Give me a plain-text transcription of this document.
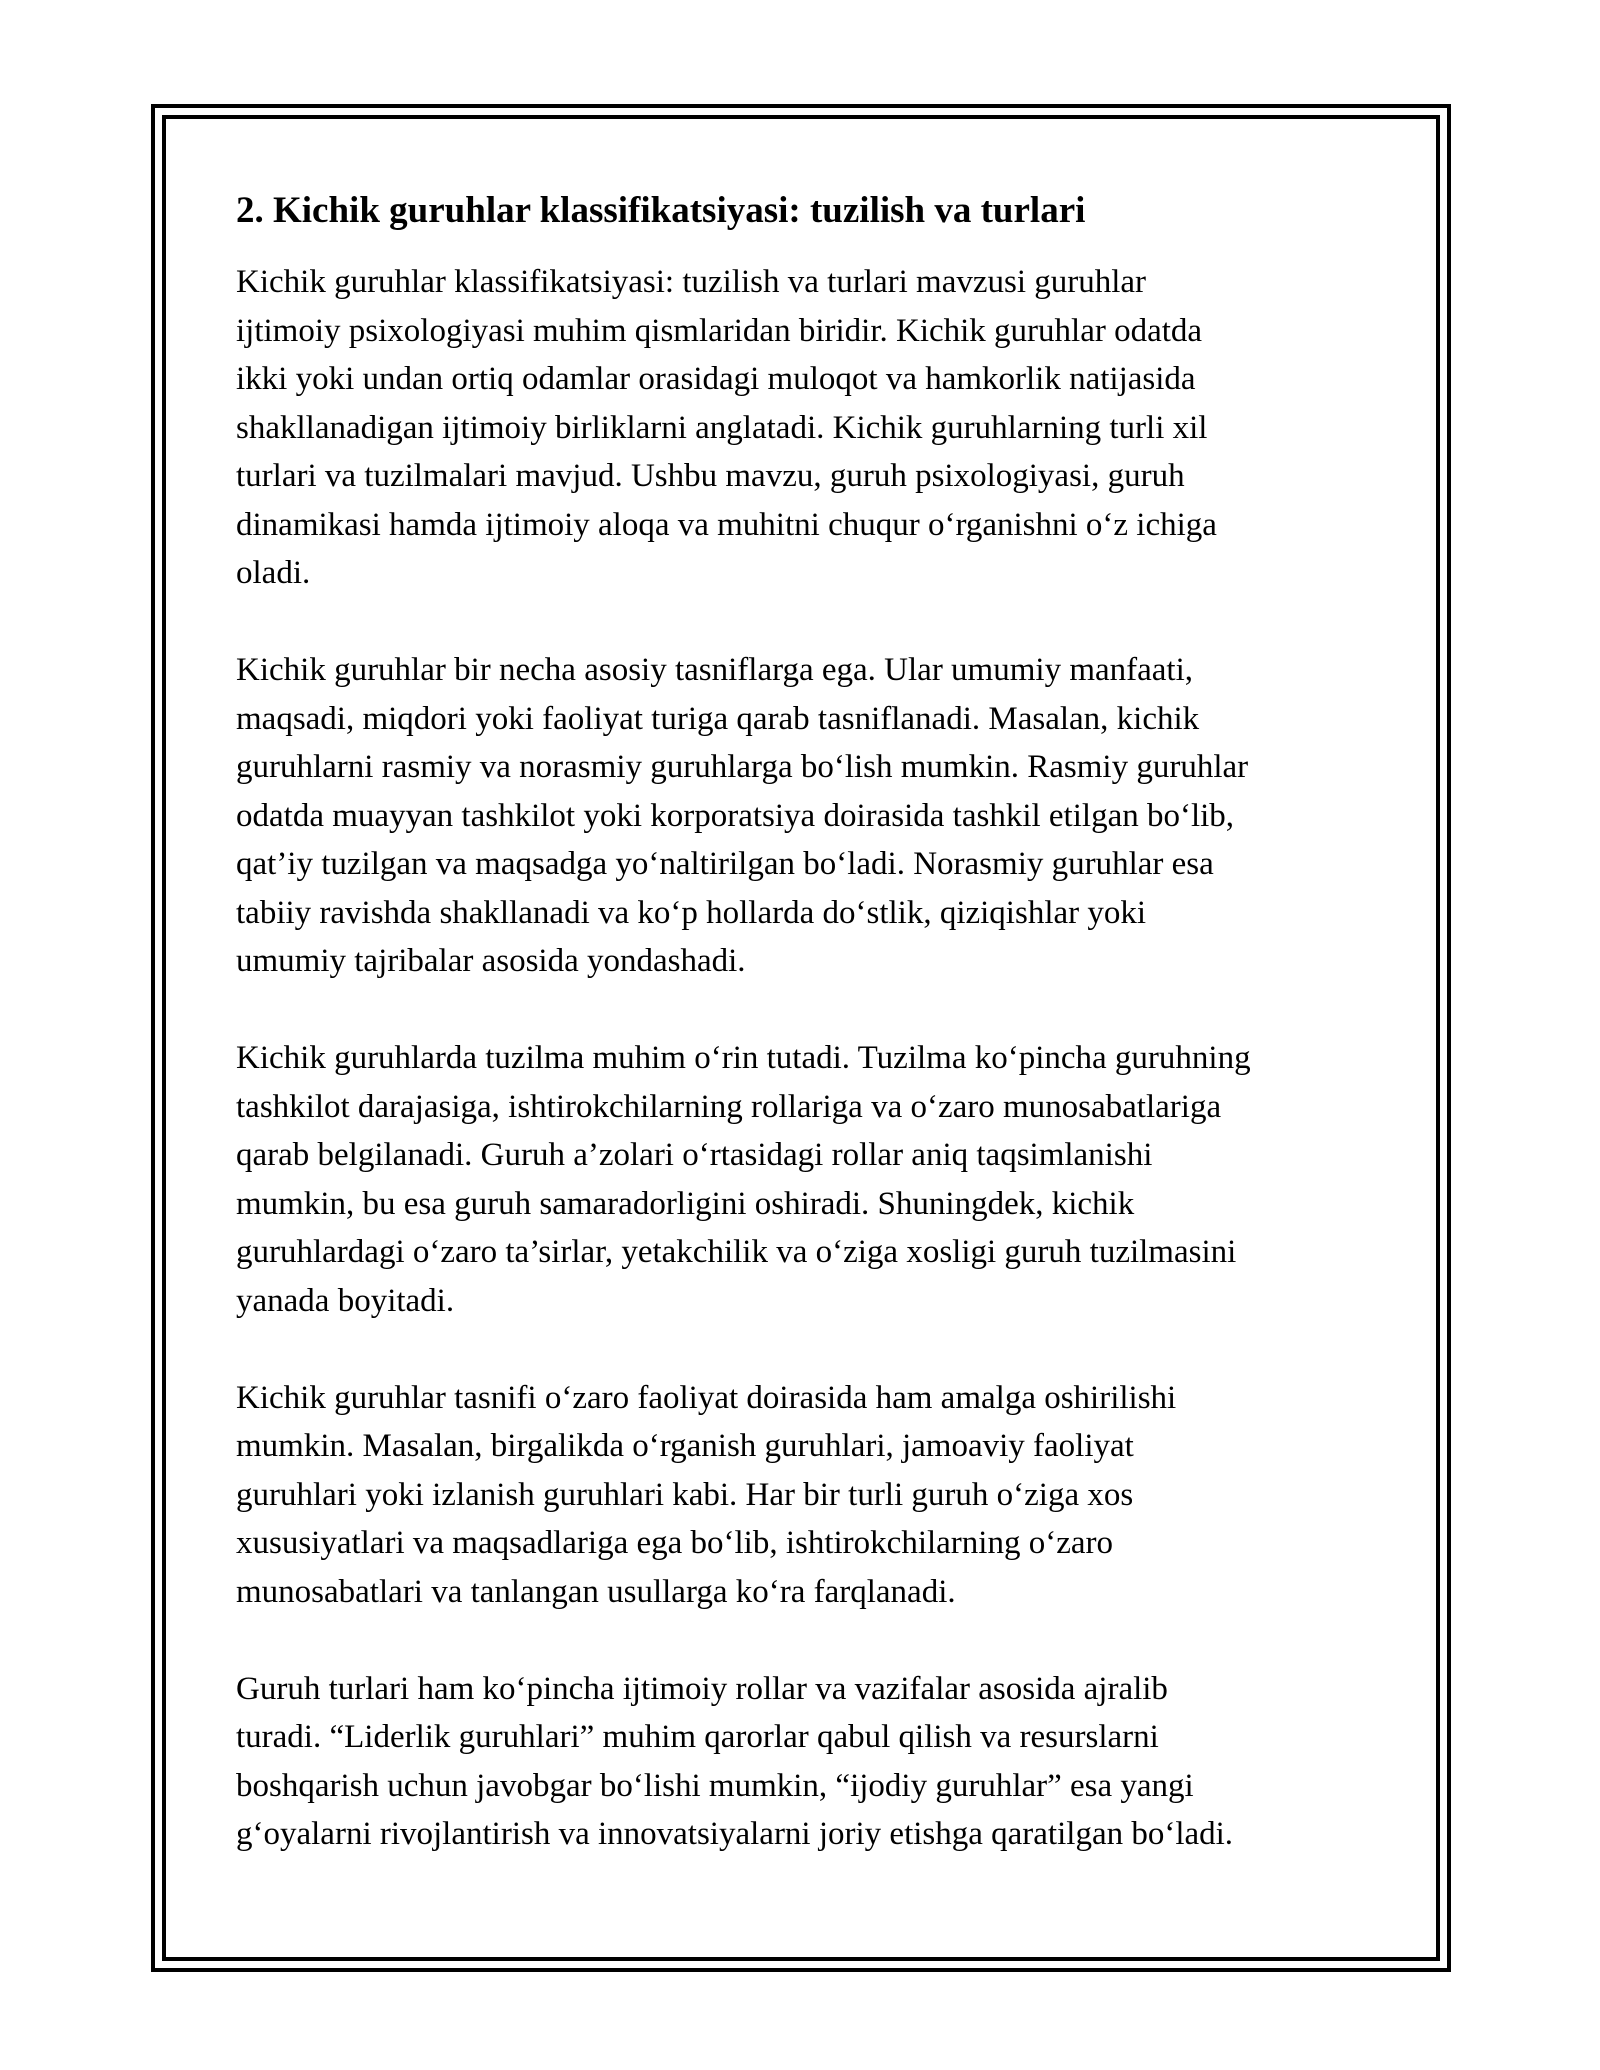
2. Kichik guruhlar klassifikatsiyasi: tuzilish va turlari

Kichik guruhlar klassifikatsiyasi: tuzilish va turlari mavzusi guruhlar
ijtimoiy psixologiyasi muhim qismlaridan biridir. Kichik guruhlar odatda
ikki yoki undan ortiq odamlar orasidagi muloqot va hamkorlik natijasida
shakllanadigan ijtimoiy birliklarni anglatadi. Kichik guruhlarning turli xil
turlari va tuzilmalari mavjud. Ushbu mavzu, guruh psixologiyasi, guruh
dinamikasi hamda ijtimoiy aloqa va muhitni chuqur o‘rganishni o‘z ichiga
oladi.

Kichik guruhlar bir necha asosiy tasniflarga ega. Ular umumiy manfaati,
maqsadi, miqdori yoki faoliyat turiga qarab tasniflanadi. Masalan, kichik
guruhlarni rasmiy va norasmiy guruhlarga bo‘lish mumkin. Rasmiy guruhlar
odatda muayyan tashkilot yoki korporatsiya doirasida tashkil etilgan bo‘lib,
qat’iy tuzilgan va maqsadga yo‘naltirilgan bo‘ladi. Norasmiy guruhlar esa
tabiiy ravishda shakllanadi va ko‘p hollarda do‘stlik, qiziqishlar yoki
umumiy tajribalar asosida yondashadi.

Kichik guruhlarda tuzilma muhim o‘rin tutadi. Tuzilma ko‘pincha guruhning
tashkilot darajasiga, ishtirokchilarning rollariga va o‘zaro munosabatlariga
qarab belgilanadi. Guruh a’zolari o‘rtasidagi rollar aniq taqsimlanishi
mumkin, bu esa guruh samaradorligini oshiradi. Shuningdek, kichik
guruhlardagi o‘zaro ta’sirlar, yetakchilik va o‘ziga xosligi guruh tuzilmasini
yanada boyitadi.

Kichik guruhlar tasnifi o‘zaro faoliyat doirasida ham amalga oshirilishi
mumkin. Masalan, birgalikda o‘rganish guruhlari, jamoaviy faoliyat
guruhlari yoki izlanish guruhlari kabi. Har bir turli guruh o‘ziga xos
xususiyatlari va maqsadlariga ega bo‘lib, ishtirokchilarning o‘zaro
munosabatlari va tanlangan usullarga ko‘ra farqlanadi.

Guruh turlari ham ko‘pincha ijtimoiy rollar va vazifalar asosida ajralib
turadi. “Liderlik guruhlari” muhim qarorlar qabul qilish va resurslarni
boshqarish uchun javobgar bo‘lishi mumkin, “ijodiy guruhlar” esa yangi
g‘oyalarni rivojlantirish va innovatsiyalarni joriy etishga qaratilgan bo‘ladi.
